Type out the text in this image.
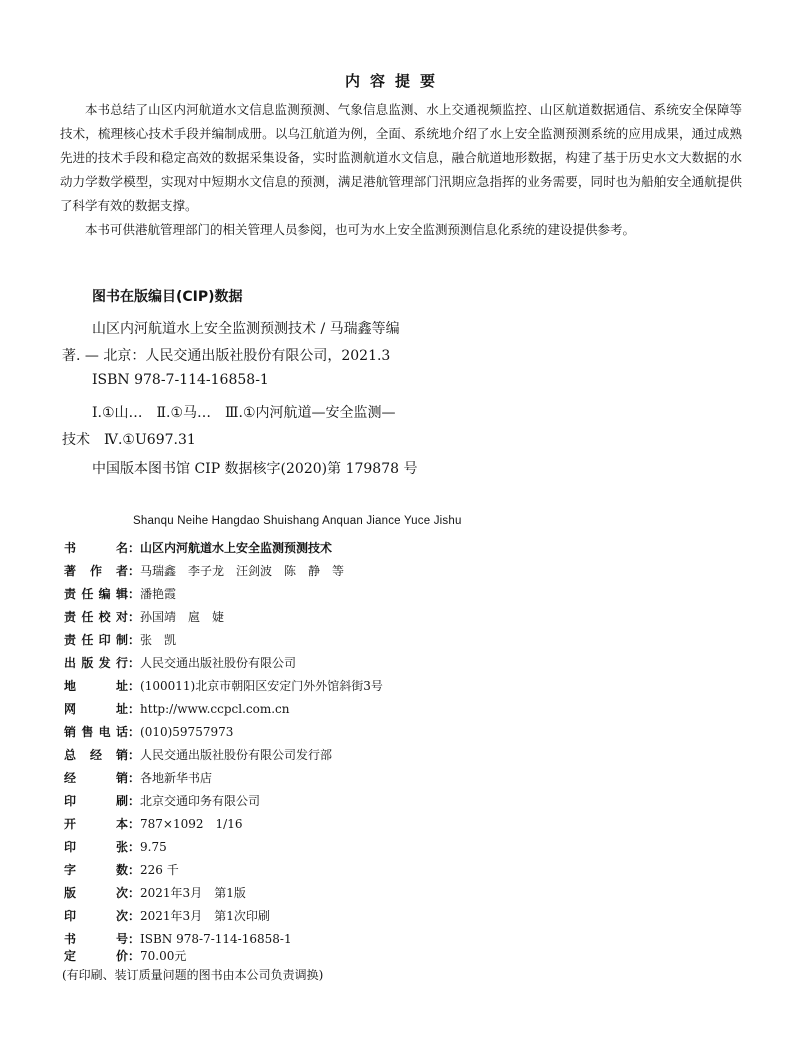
内容提要

本书总结了山区内河航道水文信息监测预测、气象信息监测、水上交通视频监控、山区航道数据通信、系统安全保障等技术，梳理核心技术手段并编制成册。以乌江航道为例，全面、系统地介绍了水上安全监测预测系统的应用成果，通过成熟先进的技术手段和稳定高效的数据采集设备，实时监测航道水文信息，融合航道地形数据，构建了基于历史水文大数据的水动力学数学模型，实现对中短期水文信息的预测，满足港航管理部门汛期应急指挥的业务需要，同时也为船舶安全通航提供了科学有效的数据支撑。

本书可供港航管理部门的相关管理人员参阅，也可为水上安全监测预测信息化系统的建设提供参考。

图书在版编目(CIP)数据
山区内河航道水上安全监测预测技术 / 马瑞鑫等编
著. — 北京：人民交通出版社股份有限公司，2021.3
ISBN 978-7-114-16858-1
Ⅰ.①山…　Ⅱ.①马…　Ⅲ.①内河航道—安全监测—
技术　Ⅳ.①U697.31
中国版本图书馆 CIP 数据核字(2020)第 179878 号
Shanqu Neihe Hangdao Shuishang Anquan Jiance Yuce Jishu
书名：山区内河航道水上安全监测预测技术
著作者：马瑞鑫　李子龙　汪剑波　陈　静　等
责任编辑：潘艳霞
责任校对：孙国靖　扈　婕
责任印制：张　凯
出版发行：人民交通出版社股份有限公司
地址：(100011)北京市朝阳区安定门外外馆斜街3号
网址：http://www.ccpcl.com.cn
销售电话：(010)59757973
总经销：人民交通出版社股份有限公司发行部
经销：各地新华书店
印刷：北京交通印务有限公司
开本：787×1092　1/16
印张：9.75
字数：226 千
版次：2021年3月　第1版
印次：2021年3月　第1次印刷
书号：ISBN 978-7-114-16858-1
定价：70.00元
(有印刷、装订质量问题的图书由本公司负责调换)
